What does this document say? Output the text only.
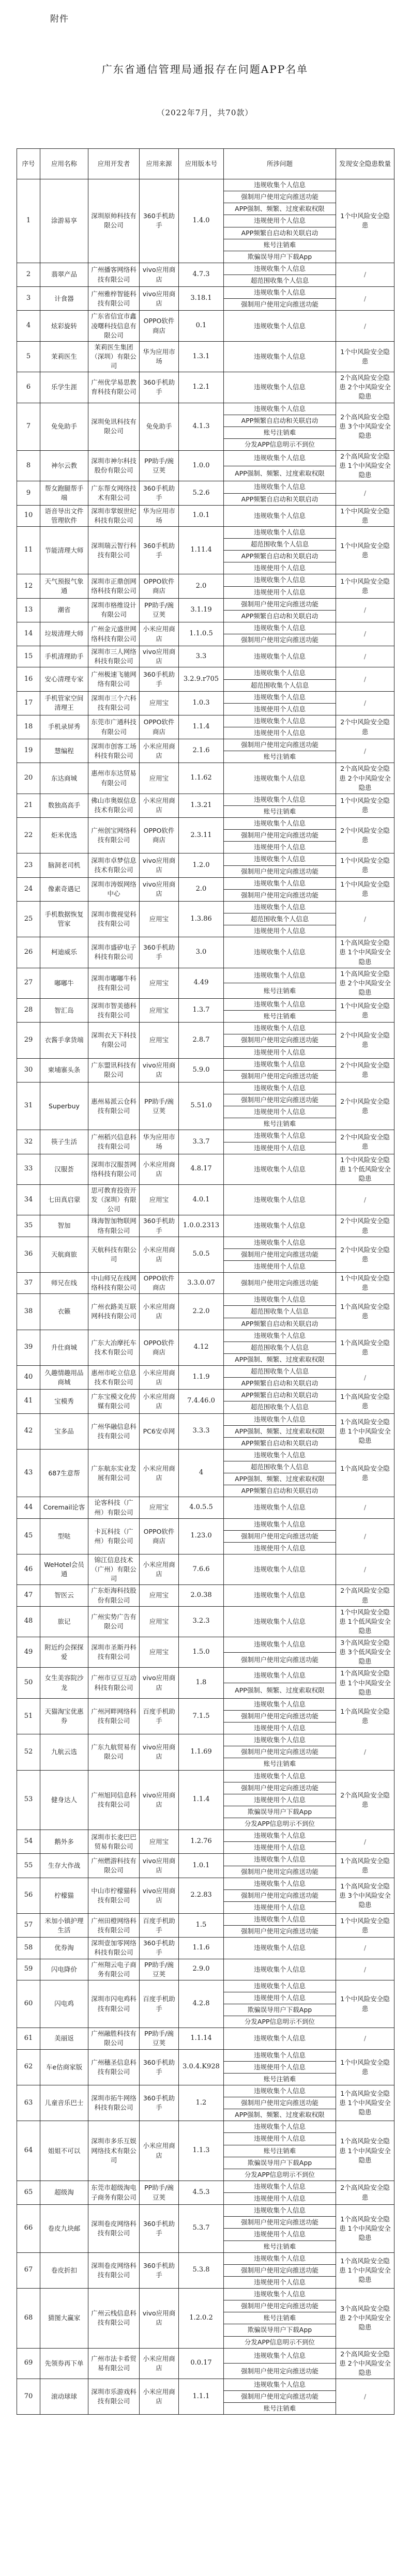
附件
广东省通信管理局通报存在问题APP名单
（2022年7月，共70款）
序号	应用名称	应用开发者	应用来源	应用版本号	所涉问题	发现安全隐患数量
1	涂游易享	深圳原帅科技有限公司	360手机助手	1.4.0	违规收集个人信息	1个中风险安全隐患
					强制用户使用定向推送功能	
					APP强制、频繁、过度索取权限	
					违规使用个人信息	
					APP频繁自启动和关联启动	
					账号注销难	
					欺骗误导用户下载App	
2	翡翠产品	广州播客网络科技有限公司	vivo应用商店	4.7.3	违规收集个人信息	/
					超范围收集个人信息	
3	计食器	广州雅梓智能科技有限公司	vivo应用商店	3.18.1	违规收集个人信息	/
					强制用户使用定向推送功能	
4	炫彩旋转	广东省信宜市鑫凌曙科技信息有限公司	OPPO软件商店	0.1	违规收集个人信息	/
5	茉莉医生	茉莉医生集团（深圳）有限公司	华为应用市场	1.3.1	违规收集个人信息	1个中风险安全隐患
6	乐学生涯	广州优学易思教育科技有限公司	360手机助手	1.2.1	违规收集个人信息	2个高风险安全隐患 2个中风险安全隐患
7	免免助手	深圳免讯科技有限公司	免免助手	4.1.3	违规收集个人信息	2个高风险安全隐患 3个中风险安全隐患
					APP频繁自启动和关联启动	
					账号注销难	
					分发APP信息明示不到位	
8	神尔云教	深圳市神尔科技股份有限公司	PP助手/豌豆荚	1.0.0	违规收集个人信息	2个高风险安全隐患 1个中风险安全隐患
					APP强制、频繁、过度索取权限	
9	帮女跑腿帮手端	广东帮女网络技术有限公司	360手机助手	5.2.6	违规收集个人信息	/
					APP频繁自启动和关联启动	
10	语音导出文件管理软件	深圳市掌娱世纪科技有限公司	华为应用市场	1.0.1	违规收集个人信息	1个中风险安全隐患
11	节能清理大师	深圳瑞云智行科技有限公司	360手机助手	1.11.4	违规收集个人信息	1个中风险安全隐患
					超范围收集个人信息	
					APP频繁自启动和关联启动	
					违规使用个人信息	
12	天气预报气象通	深圳市正鼎创网络科技有限公司	OPPO软件商店	2.0	违规收集个人信息	1个中风险安全隐患
					违规使用个人信息	
13	潮省	深圳市格维设计有限公司	PP助手/豌豆荚	3.1.19	强制用户使用定向推送功能	/
					APP频繁自启动和关联启动	
14	垃圾清理大师	广州金元盛世网络科技有限公司	小米应用商店	1.1.0.5	违规收集个人信息	/
					强制用户使用定向推送功能	
15	手机清理助手	深圳市三人网络科技有限公司	vivo应用商店	3.3	违规收集个人信息	/
16	安心清理专家	广州极速飞驰网络有限公司	360手机助手	3.2.9.r705	违规收集个人信息	/
					超范围收集个人信息	
17	手机管家空间清理王	深圳市三个六科技有限公司	应用宝	1.0.3	违规收集个人信息	/
					违规使用个人信息	
18	手机录屏秀	东莞市广通科技有限公司	OPPO软件商店	1.1.4	违规收集个人信息	2个中风险安全隐患
					违规使用个人信息	
19	慧编程	深圳市创客工场科技有限公司	小米应用商店	2.1.6	强制用户使用定向推送功能	/
					账号注销难	
20	东达商城	惠州市东达贸易有限公司	应用宝	1.1.62	违规收集个人信息	2个高风险安全隐患 2个中风险安全隐患
21	数独高高手	佛山市奥娱信息技术有限公司	小米应用商店	1.3.21	违规收集个人信息	1个中风险安全隐患
					账号注销难	
22	炬米优选	广州创宝网络科技有限公司	OPPO软件商店	2.3.11	违规收集个人信息	2个中风险安全隐患
					强制用户使用定向推送功能	
					违规使用个人信息	
23	脑洞老司机	深圳市卓梦信息技术有限公司	vivo应用商店	1.2.0	违规收集个人信息	1个中风险安全隐患
					强制用户使用定向推送功能	
24	像素奇遇记	深圳市涛娱网络中心	vivo应用商店	2.0	违规收集个人信息	1个中风险安全隐患
					强制用户使用定向推送功能	
25	手机数据恢复管家	深圳市微视觉科技有限公司	应用宝	1.3.86	违规收集个人信息	/
					超范围收集个人信息	
					违规使用个人信息	
26	柯迪威乐	深圳市盛矽电子科技有限公司	360手机助手	3.0	违规收集个人信息	1个高风险安全隐患 1个中风险安全隐患
27	嘟嘟牛	深圳市嘟嘟牛科技有限公司	应用宝	4.49	违规收集个人信息	1个高风险安全隐患 2个中风险安全隐患
					账号注销难	
28	智汇岛	深圳市智美德科技有限公司	应用宝	1.3.7	违规收集个人信息	1个中风险安全隐患
					账号注销难	
29	衣酱手拿货端	深圳衣天下科技有限公司	应用宝	2.8.7	违规收集个人信息	2个中风险安全隐患
					强制用户使用定向推送功能	
					违规使用个人信息	
30	柬埔寨头条	广东盟讯科技有限公司	vivo应用商店	5.9.0	违规收集个人信息	2个中风险安全隐患
					强制用户使用定向推送功能	
31	Superbuy	惠州易派云仓科技有限公司	PP助手/豌豆荚	5.51.0	违规收集个人信息	2个中风险安全隐患
					强制用户使用定向推送功能	
					违规使用个人信息	
					账号注销难	
32	筷子生活	广州稻兴信息科技有限公司	华为应用市场	3.3.7	违规收集个人信息	2个中风险安全隐患
					违规使用个人信息	
33	汉服荟	深圳市汉服荟网络科技有限公司	小米应用商店	4.8.17	违规收集个人信息	1个中风险安全隐患 1个低风险安全隐患
34	七田真启蒙	思可教育投资开发（深圳）有限公司	应用宝	4.0.1	违规收集个人信息	/
35	智加	珠海智加物联网络有限公司	360手机助手	1.0.0.2313	违规收集个人信息	2个中风险安全隐患
36	天航商旅	天航科技有限公司	小米应用商店	5.0.5	违规收集个人信息	2个中风险安全隐患
					强制用户使用定向推送功能	
					违规使用个人信息	
37	师兄在线	中山师兄在线网络科技有限公司	OPPO软件商店	3.3.0.07	强制用户使用定向推送功能	1个中风险安全隐患
38	衣籁	广州衣路美互联网科技有限公司	小米应用商店	2.2.0	违规收集个人信息	1个高风险安全隐患
					超范围收集个人信息	
					APP频繁自启动和关联启动	
39	升仕商城	广东大冶摩托车技术有限公司	OPPO软件商店	4.12	违规收集个人信息	1个高风险安全隐患
					超范围收集个人信息	
					APP强制、频繁、过度索取权限	
40	久趣情趣用品商城	惠州市屹立信息技术有限公司	小米应用商店	1.1.9	超范围收集个人信息	/
					APP频繁自启动和关联启动	
41	宝模秀	广东宝模文化传媒有限公司	小米应用商店	7.4.46.0	APP频繁自启动和关联启动	1个高风险安全隐患
					超范围收集个人信息	
42	宝多品	广州华融信息科技有限公司	PC6安卓网	3.3.3	违规收集个人信息	1个高风险安全隐患 1个中风险安全隐患
					APP强制、频繁、过度索取权限	
					APP频繁自启动和关联启动	
43	687生意帮	广东航东实业发展有限公司	小米应用商店	4	违规收集个人信息	1个高风险安全隐患
					超范围收集个人信息	
					APP强制、频繁、过度索取权限	
					APP频繁自启动和关联启动	
44	Coremail论客	论客科技（广州）有限公司	应用宝	4.0.5.5	违规收集个人信息	/
45	型哒	卡瓦科技（广州）有限公司	OPPO软件商店	1.23.0	违规收集个人信息	/
					强制用户使用定向推送功能	
					违规使用个人信息	
46	WeHotel会员通	锦江信息技术（广州）有限公司	小米应用商店	7.6.6	违规收集个人信息	/
47	智医云	广东炬海科技股份有限公司	应用宝	2.0.38	违规收集个人信息	2个高风险安全隐患
48	旅记	广州实势广告有限公司	应用宝	3.2.3	违规收集个人信息	1个中风险安全隐患 1个低风险安全隐患
49	附近约会探探爱	深圳市圣斯丹科技有限公司	应用宝	1.5.0	违规收集个人信息	3个高风险安全隐患 3个低风险安全隐患
					强制用户使用定向推送功能	
50	女生美容院沙龙	广州市豆豆互动科技有限公司	vivo应用商店	1.8	违规收集个人信息	1个高风险安全隐患 1个中风险安全隐患
					APP强制、频繁、过度索取权限	
51	天猫淘宝优惠券	广州河畔网络科技有限公司	百度手机助手	7.1.5	违规收集个人信息	1个高风险安全隐患
					强制用户使用定向推送功能	
					违规使用个人信息	
52	九航云选	广东九航贸易有限公司	vivo应用商店	1.1.69	违规收集个人信息	/
					强制用户使用定向推送功能	
					账号注销难	
53	健身达人	广州旭同信息科技有限公司	vivo应用商店	1.1.4	违规收集个人信息	2个高风险安全隐患
					强制用户使用定向推送功能	
					违规使用个人信息	
					欺骗误导用户下载App	
					分发APP信息明示不到位	
54	鹅外多	深圳市长麦巴巴贸易有限公司	应用宝	1.2.76	违规收集个人信息	/
					违规使用个人信息	
55	生存大作战	广州燃游科技有限公司	vivo应用商店	1.0.1	违规收集个人信息	1个高风险安全隐患
					强制用户使用定向推送功能	
56	柠檬猫	中山市柠檬猫科技有限公司	vivo应用商店	2.2.83	违规收集个人信息	1个高风险安全隐患 3个中风险安全隐患
					强制用户使用定向推送功能	
					违规使用个人信息	
57	米加小镇护理生活	广州田橙网络科技有限公司	百度手机助手	1.5	违规收集个人信息	1个中风险安全隐患
					强制用户使用定向推送功能	
58	优券淘	深圳壹加零网络科技有限公司	360手机助手	1.1.6	违规收集个人信息	/
59	闪电降价	广州翔云电子商务有限公司	PP助手/豌豆荚	2.9.0	违规收集个人信息	/
60	闪电鸡	深圳市闪电鸡科技有限公司	百度手机助手	4.2.8	违规收集个人信息	1个中风险安全隐患
					违规使用个人信息	
					欺骗误导用户下载App	
					分发APP信息明示不到位	
61	美丽返	广州融胜科技有限公司	PP助手/豌豆荚	1.1.14	违规收集个人信息	/
62	车e估商家版	广州穗圣信息科技有限公司	360手机助手	3.0.4.K928	违规收集个人信息	1个中风险安全隐患
					违规使用个人信息	
					账号注销难	
63	儿童音乐巴士	深圳市拓牛网络科技有限公司	360手机助手	1.2	违规收集个人信息	1个高风险安全隐患 1个中风险安全隐患
					强制用户使用定向推送功能	
					APP强制、频繁、过度索取权限	
64	姐姐不可以	深圳市多乐互娱网络技术有限公司	小米应用商店	1.1.3	违规收集个人信息	1个高风险安全隐患 1个中风险安全隐患
					违规使用个人信息	
					账号注销难	
					欺骗误导用户下载App	
					分发APP信息明示不到位	
65	超级淘	东莞市超级淘电子商务有限公司	PP助手/豌豆荚	4.5.3	违规收集个人信息	2个高风险安全隐患
					违规使用个人信息	
66	卷皮九块邮	深圳卷皮网络科技有限公司	360手机助手	5.3.7	违规收集个人信息	1个高风险安全隐患 1个中风险安全隐患
					强制用户使用定向推送功能	
					违规使用个人信息	
					账号注销难	
67	卷皮折扣	深圳卷皮网络科技有限公司	360手机助手	5.3.8	违规收集个人信息	1个高风险安全隐患 1个中风险安全隐患
					强制用户使用定向推送功能	
					违规使用个人信息	
68	猜图大赢家	广州云栈信息科技有限公司	vivo应用商店	1.2.0.2	违规收集个人信息	3个高风险安全隐患 2个中风险安全隐患
					强制用户使用定向推送功能	
					账号注销难	
					欺骗误导用户下载App	
					分发APP信息明示不到位	
69	先领券再下单	广州市法卡希贸易有限公司	小米应用商店	0.0.17	违规收集个人信息	2个高风险安全隐患 2个中风险安全隐患
					强制用户使用定向推送功能	
70	滚动球球	深圳市乐游戏科技有限公司	小米应用商店	1.1.1	违规收集个人信息	/
					强制用户使用定向推送功能	
					账号注销难	
